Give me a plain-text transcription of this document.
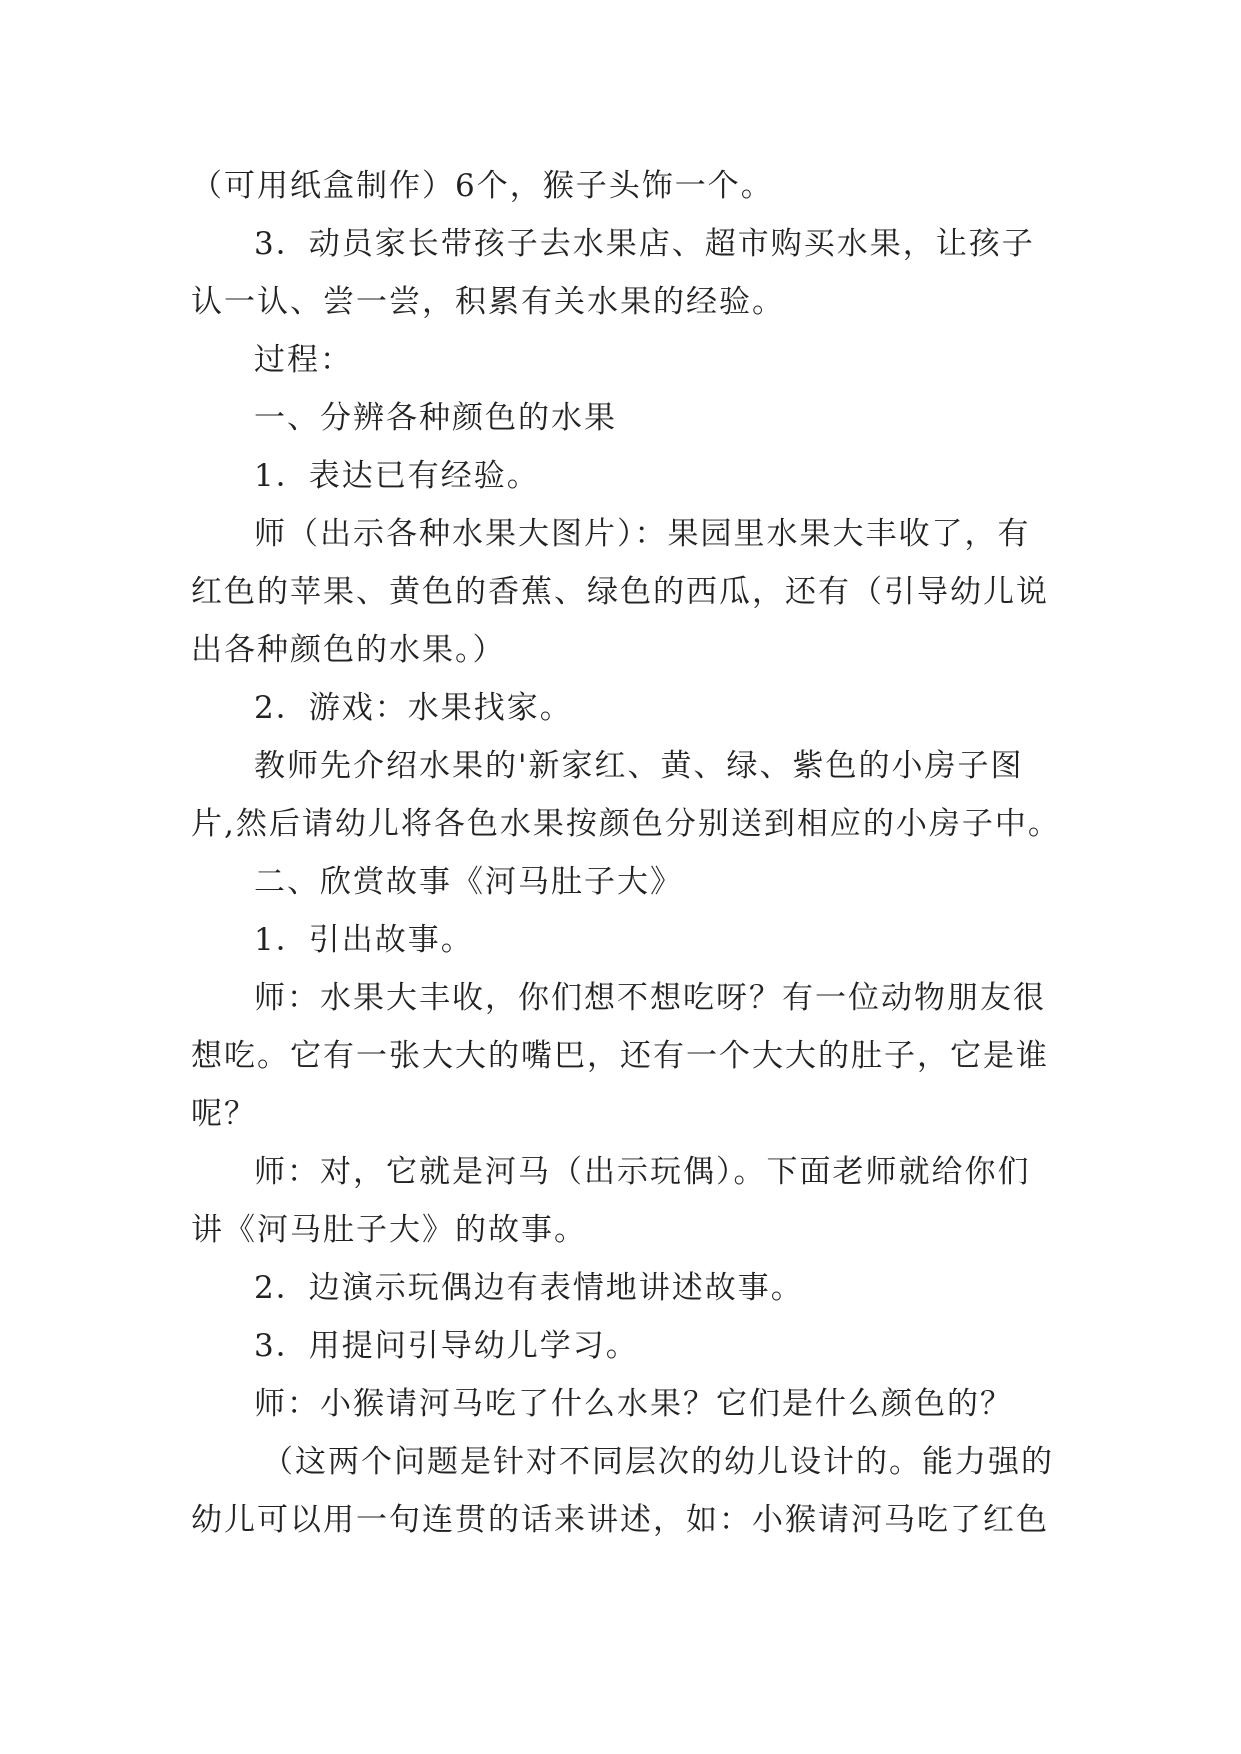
（可用纸盒制作）6个，猴子头饰一个。
3．动员家长带孩子去水果店、超市购买水果，让孩子
认一认、尝一尝，积累有关水果的经验。
过程：
一、分辨各种颜色的水果
1．表达已有经验。
师（出示各种水果大图片）：果园里水果大丰收了，有
红色的苹果、黄色的香蕉、绿色的西瓜，还有（引导幼儿说
出各种颜色的水果。）
2．游戏：水果找家。
教师先介绍水果的'新家红、黄、绿、紫色的小房子图
片,然后请幼儿将各色水果按颜色分别送到相应的小房子中。
二、欣赏故事《河马肚子大》
1．引出故事。
师：水果大丰收，你们想不想吃呀？有一位动物朋友很
想吃。它有一张大大的嘴巴，还有一个大大的肚子，它是谁
呢？
师：对，它就是河马（出示玩偶）。下面老师就给你们
讲《河马肚子大》的故事。
2．边演示玩偶边有表情地讲述故事。
3．用提问引导幼儿学习。
师：小猴请河马吃了什么水果？它们是什么颜色的？
（这两个问题是针对不同层次的幼儿设计的。能力强的
幼儿可以用一句连贯的话来讲述，如：小猴请河马吃了红色
